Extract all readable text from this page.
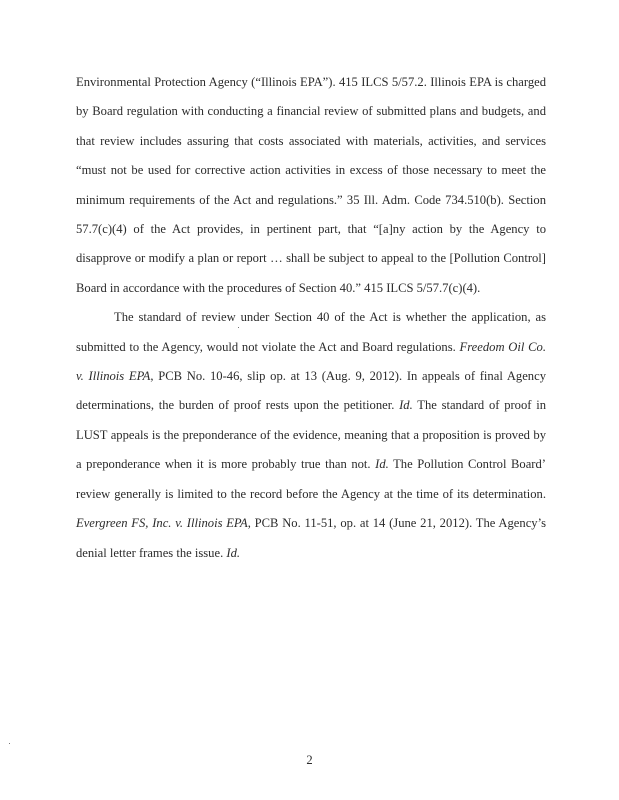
Environmental Protection Agency (“Illinois EPA”). 415 ILCS 5/57.2. Illinois EPA is charged by Board regulation with conducting a financial review of submitted plans and budgets, and that review includes assuring that costs associated with materials, activities, and services “must not be used for corrective action activities in excess of those necessary to meet the minimum requirements of the Act and regulations.” 35 Ill. Adm. Code 734.510(b). Section 57.7(c)(4) of the Act provides, in pertinent part, that “[a]ny action by the Agency to disapprove or modify a plan or report … shall be subject to appeal to the [Pollution Control] Board in accordance with the procedures of Section 40.” 415 ILCS 5/57.7(c)(4).

The standard of review under Section 40 of the Act is whether the application, as submitted to the Agency, would not violate the Act and Board regulations. Freedom Oil Co. v. Illinois EPA, PCB No. 10-46, slip op. at 13 (Aug. 9, 2012). In appeals of final Agency determinations, the burden of proof rests upon the petitioner. Id. The standard of proof in LUST appeals is the preponderance of the evidence, meaning that a proposition is proved by a preponderance when it is more probably true than not. Id. The Pollution Control Board’ review generally is limited to the record before the Agency at the time of its determination. Evergreen FS, Inc. v. Illinois EPA, PCB No. 11-51, op. at 14 (June 21, 2012). The Agency’s denial letter frames the issue. Id.

2
